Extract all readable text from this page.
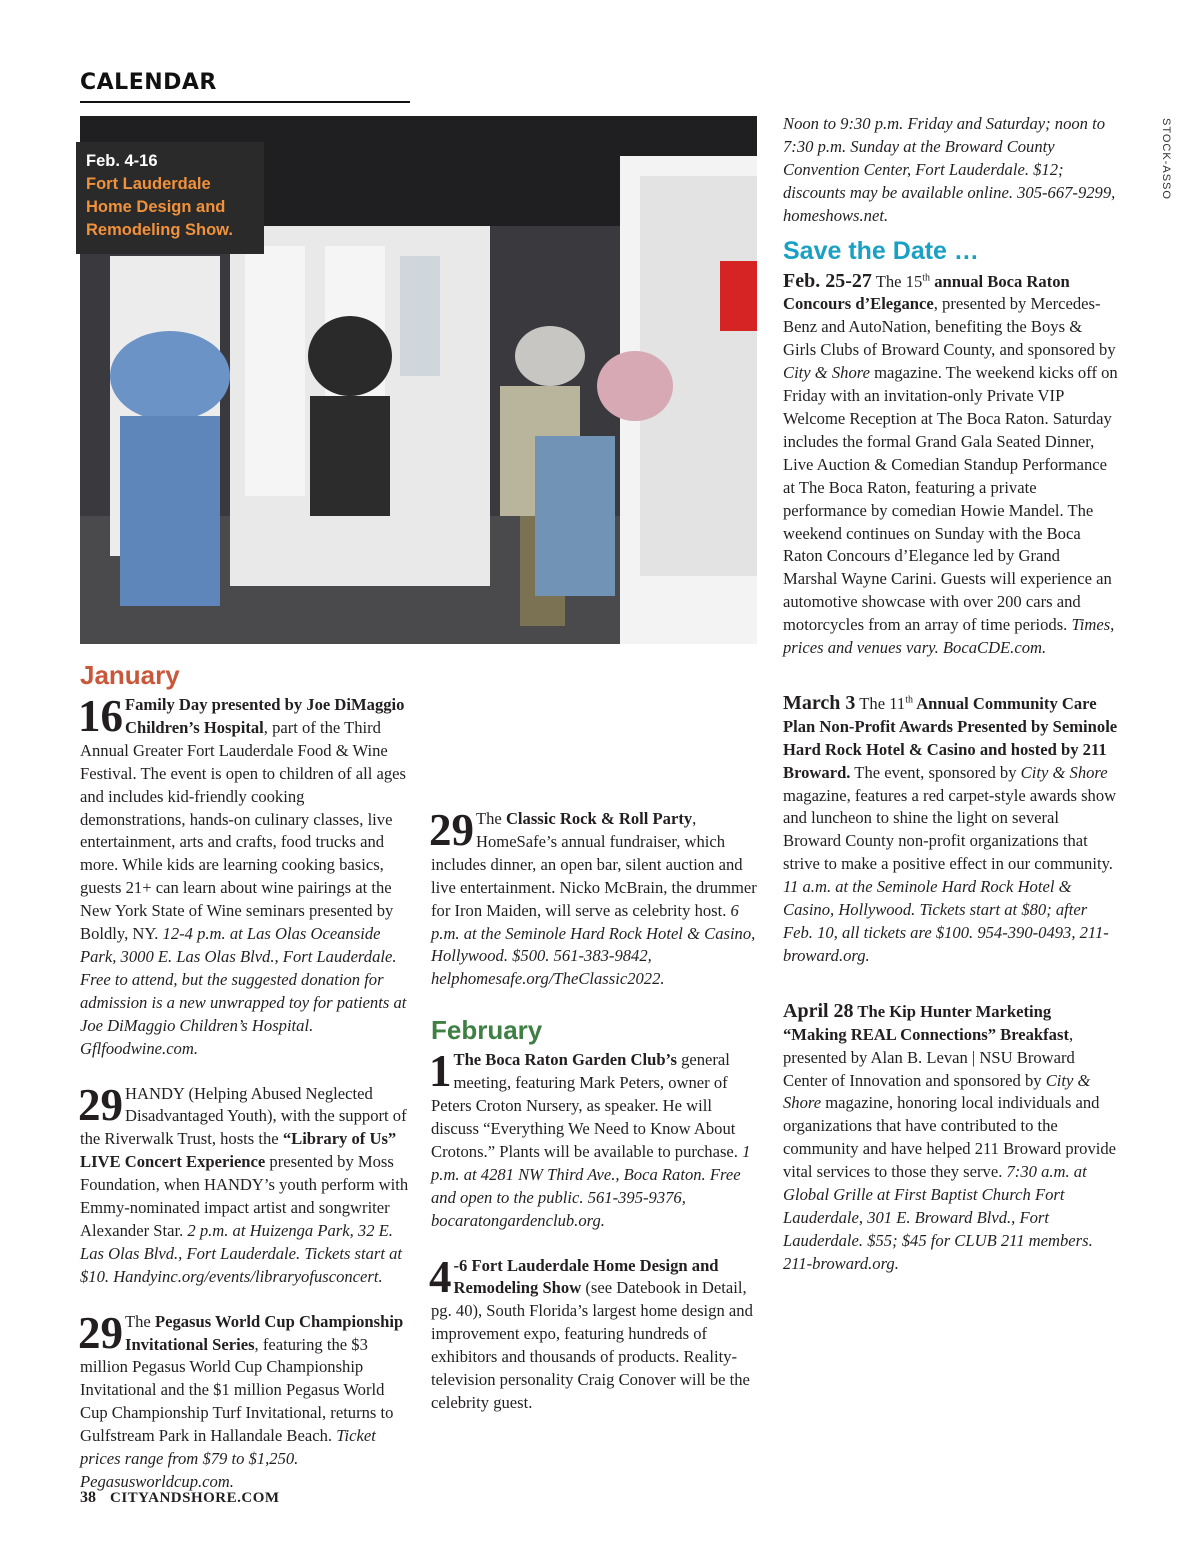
CALENDAR
STOCK-ASSO
Feb. 4-16
Fort Lauderdale
Home Design and
Remodeling Show.
January
16 Family Day presented by Joe DiMaggio Children’s Hospital, part of the Third Annual Greater Fort Lauderdale Food & Wine Festival. The event is open to children of all ages and includes kid-friendly cooking demonstrations, hands-on culinary classes, live entertainment, arts and crafts, food trucks and more. While kids are learning cooking basics, guests 21+ can learn about wine pairings at the New York State of Wine seminars presented by Boldly, NY. 12-4 p.m. at Las Olas Oceanside Park, 3000 E. Las Olas Blvd., Fort Lauderdale. Free to attend, but the suggested donation for admission is a new unwrapped toy for patients at Joe DiMaggio Children’s Hospital. Gflfoodwine.com.
29 HANDY (Helping Abused Neglected Disadvantaged Youth), with the support of the Riverwalk Trust, hosts the “Library of Us” LIVE Concert Experience presented by Moss Foundation, when HANDY’s youth perform with Emmy-nominated impact artist and songwriter Alexander Star. 2 p.m. at Huizenga Park, 32 E. Las Olas Blvd., Fort Lauderdale. Tickets start at $10. Handyinc.org/events/libraryofusconcert.
29 The Pegasus World Cup Championship Invitational Series, featuring the $3 million Pegasus World Cup Championship Invitational and the $1 million Pegasus World Cup Championship Turf Invitational, returns to Gulfstream Park in Hallandale Beach. Ticket prices range from $79 to $1,250. Pegasusworldcup.com.
29 The Classic Rock & Roll Party, HomeSafe’s annual fundraiser, which includes dinner, an open bar, silent auction and live entertainment. Nicko McBrain, the drummer for Iron Maiden, will serve as celebrity host. 6 p.m. at the Seminole Hard Rock Hotel & Casino, Hollywood. $500. 561-383-9842, helphomesafe.org/TheClassic2022.
February
1 The Boca Raton Garden Club’s general meeting, featuring Mark Peters, owner of Peters Croton Nursery, as speaker. He will discuss “Everything We Need to Know About Crotons.” Plants will be available to purchase. 1 p.m. at 4281 NW Third Ave., Boca Raton. Free and open to the public. 561-395-9376, bocaratongardenclub.org.
4 -6 Fort Lauderdale Home Design and Remodeling Show (see Datebook in Detail, pg. 40), South Florida’s largest home design and improvement expo, featuring hundreds of exhibitors and thousands of products. Reality-television personality Craig Conover will be the celebrity guest.
Noon to 9:30 p.m. Friday and Saturday; noon to 7:30 p.m. Sunday at the Broward County Convention Center, Fort Lauderdale. $12; discounts may be available online. 305-667-9299, homeshows.net.
Save the Date …
Feb. 25-27 The 15th annual Boca Raton Concours d’Elegance, presented by Mercedes-Benz and AutoNation, benefiting the Boys & Girls Clubs of Broward County, and sponsored by City & Shore magazine. The weekend kicks off on Friday with an invitation-only Private VIP Welcome Reception at The Boca Raton. Saturday includes the formal Grand Gala Seated Dinner, Live Auction & Comedian Standup Performance at The Boca Raton, featuring a private performance by comedian Howie Mandel. The weekend continues on Sunday with the Boca Raton Concours d’Elegance led by Grand Marshal Wayne Carini. Guests will experience an automotive showcase with over 200 cars and motorcycles from an array of time periods. Times, prices and venues vary. BocaCDE.com.
March 3 The 11th Annual Community Care Plan Non-Profit Awards Presented by Seminole Hard Rock Hotel & Casino and hosted by 211 Broward. The event, sponsored by City & Shore magazine, features a red carpet-style awards show and luncheon to shine the light on several Broward County non-profit organizations that strive to make a positive effect in our community. 11 a.m. at the Seminole Hard Rock Hotel & Casino, Hollywood. Tickets start at $80; after Feb. 10, all tickets are $100. 954-390-0493, 211-broward.org.
April 28 The Kip Hunter Marketing “Making REAL Connections” Breakfast, presented by Alan B. Levan | NSU Broward Center of Innovation and sponsored by City & Shore magazine, honoring local individuals and organizations that have contributed to the community and have helped 211 Broward provide vital services to those they serve. 7:30 a.m. at Global Grille at First Baptist Church Fort Lauderdale, 301 E. Broward Blvd., Fort Lauderdale. $55; $45 for CLUB 211 members. 211-broward.org.
38 CITYANDSHORE.COM
